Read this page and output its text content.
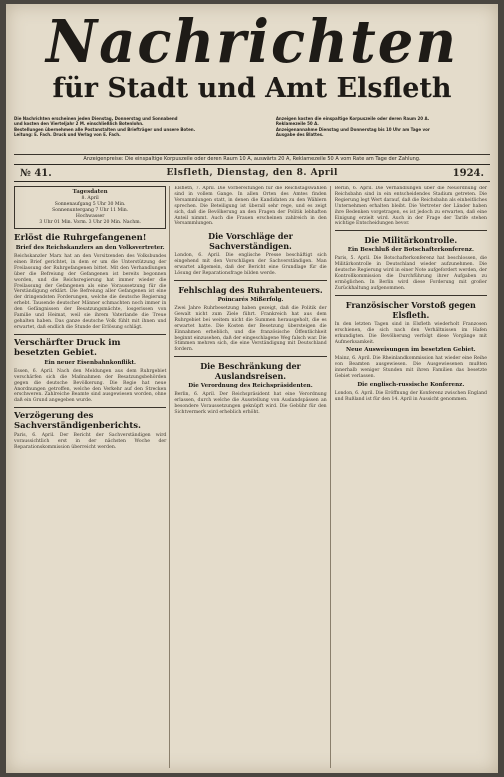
Nachrichten
für Stadt und Amt Elsfleth
Die Nachrichten erscheinen jeden Dienstag, Donnerstag und Sonnabend
und kosten den Vierteljahr 2 M. einschließlich Botenlohn.
Bestellungen übernehmen alle Postanstalten und Briefträger und unsere Boten.
Leitung: E. Fach. Druck und Verlag von E. Fach.
Anzeigen kosten die einspaltige Korpuszeile oder deren Raum 20 A.
Reklamezeile 50 A.
Anzeigenannahme Dienstag und Donnerstag bis 10 Uhr am Tage vor
Ausgabe des Blattes.
Anzeigenpreise: Die einspaltige Korpuszeile oder deren Raum 10 A, auswärts 20 A, Reklamezeile 50 A vom Rate am Tage der Zahlung.
№ 41.	Elsfleth, Dienstag, den 8. April	1924.
Tagesdaten
8. April
Sonnenaufgang 5 Uhr 30 Min.
Sonnenuntergang 7 Uhr 11 Min.
Hochwasser
3 Uhr 01 Min. Vorm. 3 Uhr 20 Min. Nachm.
Erlöst die Ruhrgefangenen!
Brief des Reichskanzlers an den Volksvertreter.

Reichskanzler Marx hat an den Vorsitzenden des Volksbundes einen Brief gerichtet, in dem er um die Unterstützung der Freilassung der Ruhrgefangenen bittet. Mit den Verhandlungen über die Befreiung der Gefangenen ist bereits begonnen worden, und die Reichsregierung hat immer wieder die Freilassung der Gefangenen als eine Voraussetzung für die Verständigung erklärt. Die Befreiung aller Gefangenen ist eine der dringendsten Forderungen, welche die deutsche Regierung erhebt. Tausende deutscher Männer schmachten noch immer in den Gefängnissen der Besatzungsmächte, losgerissen von Familie und Heimat, weil sie ihrem Vaterlande die Treue gehalten haben. Das ganze deutsche Volk fühlt mit ihnen und erwartet, daß endlich die Stunde der Erlösung schlägt.

Verschärfter Druck im besetzten Gebiet.
Ein neuer Eisenbahnkonflikt.

Essen, 6. April. Nach den Meldungen aus dem Ruhrgebiet verschärfen sich die Maßnahmen der Besatzungsbehörden gegen die deutsche Bevölkerung. Die Regie hat neue Anordnungen getroffen, welche den Verkehr auf den Strecken erschweren. Zahlreiche Beamte sind ausgewiesen worden, ohne daß ein Grund angegeben wurde.

Verzögerung des Sachverständigenberichts.

Paris, 6. April. Der Bericht der Sachverständigen wird voraussichtlich erst in der nächsten Woche der Reparationskommission überreicht werden.

Elsfleth, 7. April. Die Vorbereitungen für die Reichstagswahlen sind in vollem Gange. In allen Orten des Amtes finden Versammlungen statt, in denen die Kandidaten zu den Wählern sprechen. Die Beteiligung ist überall sehr rege, und es zeigt sich, daß die Bevölkerung an den Fragen der Politik lebhaften Anteil nimmt. Auch die Frauen erscheinen zahlreich in den Versammlungen.

Die Vorschläge der Sachverständigen.

London, 6. April. Die englische Presse beschäftigt sich eingehend mit den Vorschlägen der Sachverständigen. Man erwartet allgemein, daß der Bericht eine Grundlage für die Lösung der Reparationsfrage bilden werde.

Fehlschlag des Ruhrabenteuers.
Poincarés Mißerfolg.

Zwei Jahre Ruhrbesetzung haben gezeigt, daß die Politik der Gewalt nicht zum Ziele führt. Frankreich hat aus dem Ruhrgebiet bei weitem nicht die Summen herausgeholt, die es erwartet hatte. Die Kosten der Besetzung übersteigen die Einnahmen erheblich, und die französische Öffentlichkeit beginnt einzusehen, daß der eingeschlagene Weg falsch war. Die Stimmen mehren sich, die eine Verständigung mit Deutschland fordern.

Die Beschränkung der Auslandsreisen.
Die Verordnung des Reichspräsidenten.

Berlin, 6. April. Der Reichspräsident hat eine Verordnung erlassen, durch welche die Ausstellung von Auslandspässen an besondere Voraussetzungen geknüpft wird. Die Gebühr für den Sichtvermerk wird erheblich erhöht.

Berlin, 6. April. Die Verhandlungen über die Neuordnung der Reichsbahn sind in ein entscheidendes Stadium getreten. Die Regierung legt Wert darauf, daß die Reichsbahn als einheitliches Unternehmen erhalten bleibt. Die Vertreter der Länder haben ihre Bedenken vorgetragen, es ist jedoch zu erwarten, daß eine Einigung erzielt wird. Auch in der Frage der Tarife stehen wichtige Entscheidungen bevor.

Die Militärkontrolle.
Ein Beschluß der Botschafterkonferenz.

Paris, 5. April. Die Botschafterkonferenz hat beschlossen, die Militärkontrolle in Deutschland wieder aufzunehmen. Die deutsche Regierung wird in einer Note aufgefordert werden, der Kontrollkommission die Durchführung ihrer Aufgaben zu ermöglichen. In Berlin wird diese Forderung mit großer Zurückhaltung aufgenommen.

Französischer Vorstoß gegen Elsfleth.

In den letzten Tagen sind in Elsfleth wiederholt Franzosen erschienen, die sich nach den Verhältnissen im Hafen erkundigten. Die Bevölkerung verfolgt diese Vorgänge mit Aufmerksamkeit.

Neue Ausweisungen im besetzten Gebiet.

Mainz, 6. April. Die Rheinlandkommission hat wieder eine Reihe von Beamten ausgewiesen. Die Ausgewiesenen mußten innerhalb weniger Stunden mit ihren Familien das besetzte Gebiet verlassen.

Die englisch-russische Konferenz.

London, 6. April. Die Eröffnung der Konferenz zwischen England und Rußland ist für den 14. April in Aussicht genommen.
